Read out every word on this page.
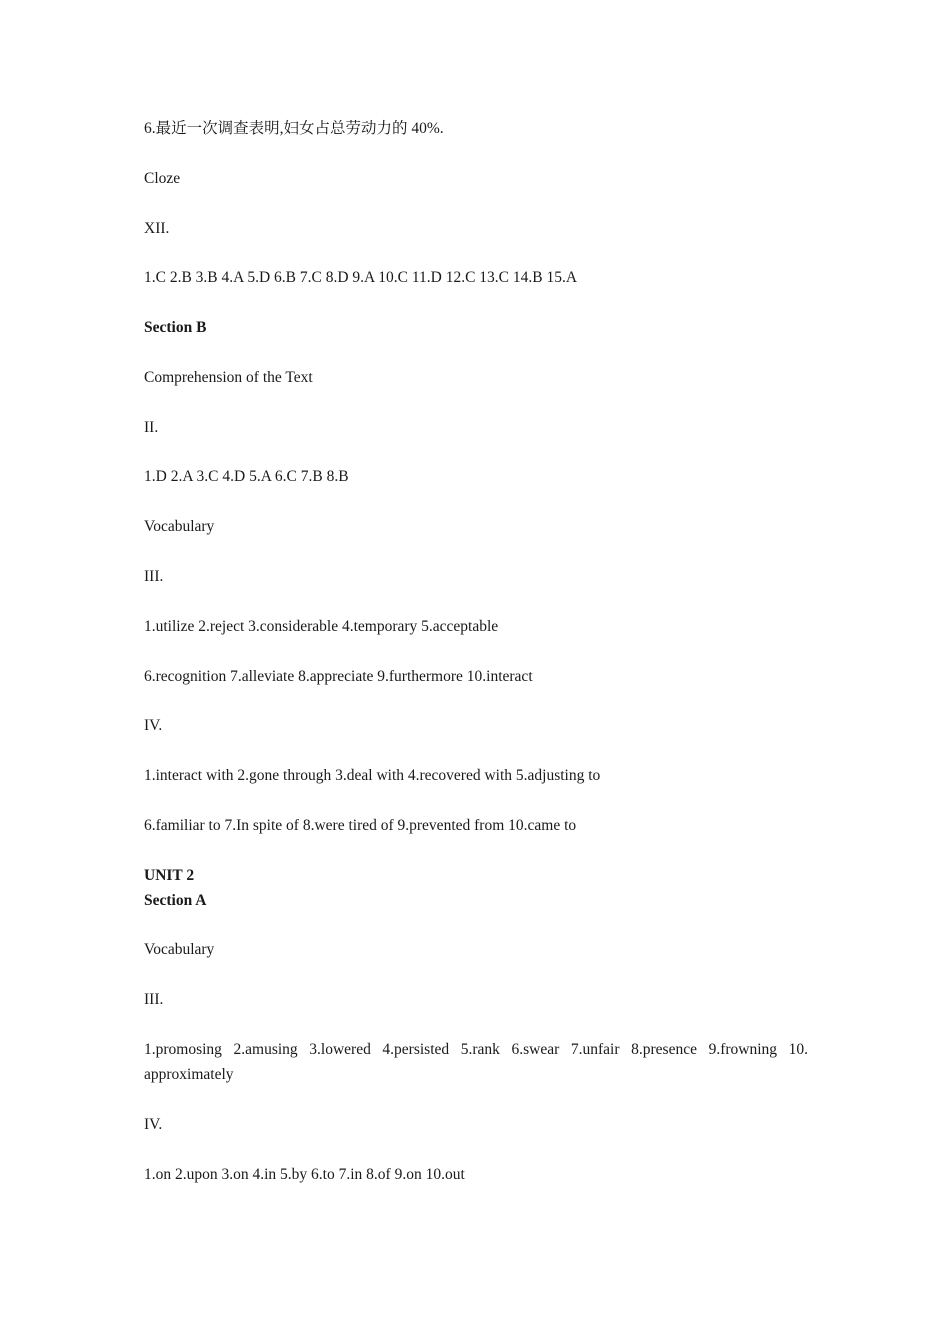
6.最近一次调查表明,妇女占总劳动力的 40%.
Cloze
XII.
1.C 2.B 3.B 4.A 5.D 6.B 7.C 8.D 9.A 10.C 11.D 12.C 13.C 14.B 15.A
Section B
Comprehension of the Text
II.
1.D 2.A 3.C 4.D 5.A 6.C 7.B 8.B
Vocabulary
III.
1.utilize 2.reject 3.considerable 4.temporary 5.acceptable
6.recognition 7.alleviate 8.appreciate 9.furthermore 10.interact
IV.
1.interact with 2.gone through 3.deal with 4.recovered with 5.adjusting to
6.familiar to 7.In spite of 8.were tired of 9.prevented from 10.came to
UNIT 2
Section A
Vocabulary
III.
1.promosing 2.amusing 3.lowered 4.persisted 5.rank 6.swear 7.unfair 8.presence 9.frowning 10. approximately
IV.
1.on 2.upon 3.on 4.in 5.by 6.to 7.in 8.of 9.on 10.out
